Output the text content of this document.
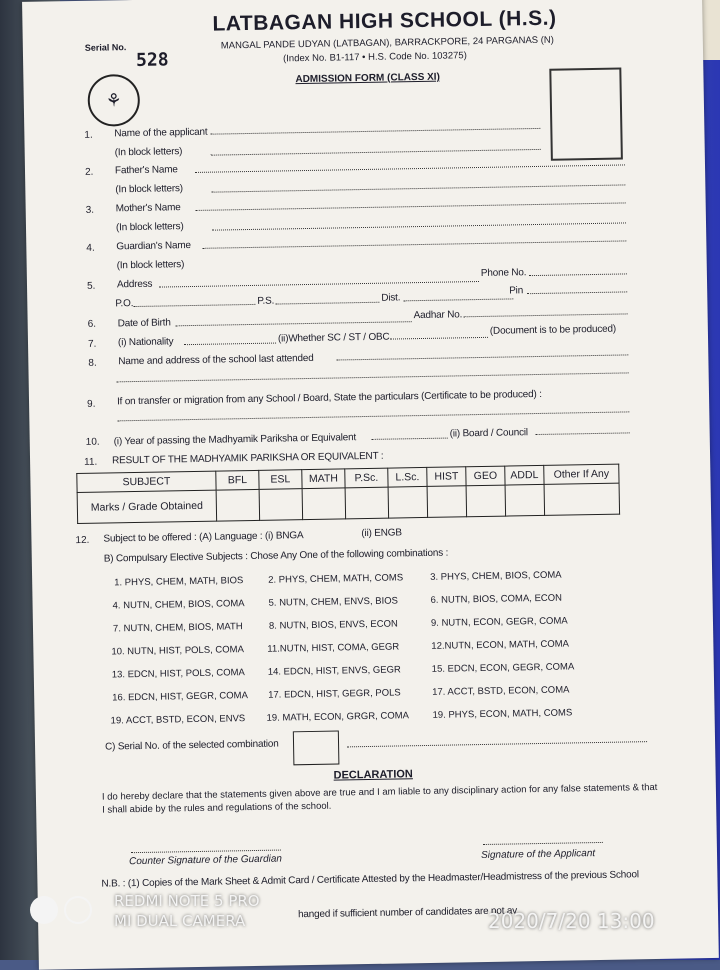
Serial No.
528
⚘
LATBAGAN HIGH SCHOOL (H.S.)
MANGAL PANDE UDYAN (LATBAGAN), BARRACKPORE, 24 PARGANAS (N)
(Index No. B1-117 • H.S. Code No. 103275)
ADMISSION FORM (CLASS XI)
1. Name of the applicant
(In block letters)
2. Father's Name
(In block letters)
3. Mother's Name
(In block letters)
4. Guardian's Name
(In block letters)
5. Address
Phone No.
P.O.	P.S.	Dist.
Pin
6. Date of Birth
Aadhar No.
7. (i) Nationality	(ii)Whether SC / ST / OBC
(Document is to be produced)
8. Name and address of the school last attended
9. If on transfer or migration from any School / Board, State the particulars (Certificate to be produced) :
10. (i) Year of passing the Madhyamik Pariksha or Equivalent	(ii) Board / Council
11. RESULT OF THE MADHYAMIK PARIKSHA OR EQUIVALENT :
SUBJECT	BFL	ESL	MATH	P.Sc.	L.Sc.	HIST	GEO	ADDL	Other If Any
Marks / Grade Obtained									
12. Subject to be offered : (A) Language : (i) BNGA	(ii) ENGB
B) Compulsary Elective Subjects : Chose Any One of the following combinations :
1. PHYS, CHEM, MATH, BIOS	2. PHYS, CHEM, MATH, COMS	3. PHYS, CHEM, BIOS, COMA
4. NUTN, CHEM, BIOS, COMA	5. NUTN, CHEM, ENVS, BIOS	6. NUTN, BIOS, COMA, ECON
7. NUTN, CHEM, BIOS, MATH	8. NUTN, BIOS, ENVS, ECON	9. NUTN, ECON, GEGR, COMA
10. NUTN, HIST, POLS, COMA 11.NUTN, HIST, COMA, GEGR	12.NUTN, ECON, MATH, COMA
13. EDCN, HIST, POLS, COMA 14. EDCN, HIST, ENVS, GEGR	15. EDCN, ECON, GEGR, COMA
16. EDCN, HIST, GEGR, COMA 17. EDCN, HIST, GEGR, POLS	17. ACCT, BSTD, ECON, COMA
19. ACCT, BSTD, ECON, ENVS 19. MATH, ECON, GRGR, COMA 19. PHYS, ECON, MATH, COMS
C) Serial No. of the selected combination
DECLARATION
I do hereby declare that the statements given above are true and I am liable to any disciplinary action for any false statements & that I shall abide by the rules and regulations of the school.
Counter Signature of the Guardian	Signature of the Applicant
N.B. : (1) Copies of the Mark Sheet & Admit Card / Certificate Attested by the Headmaster/Headmistress of the previous School
hanged if sufficient number of candidates are not av
REDMI NOTE 5 PRO
MI DUAL CAMERA	2020/7/20 13:00
